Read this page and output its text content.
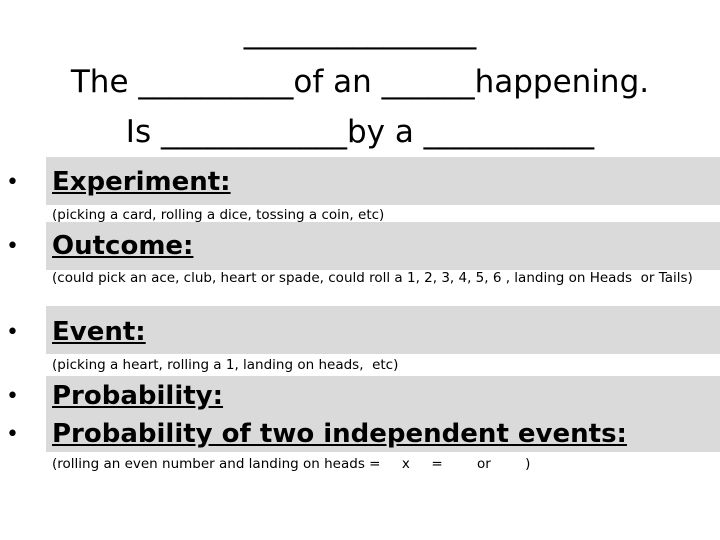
_______________
The __________of an ______happening.
Is ____________by a ___________
• Experiment:
(picking a card, rolling a dice, tossing a coin, etc)
• Outcome:
(could pick an ace, club, heart or spade, could roll a 1, 2, 3, 4, 5, 6 , landing on Heads  or Tails)
• Event:
(picking a heart, rolling a 1, landing on heads,  etc)
• Probability:
• Probability of two independent events:
(rolling an even number and landing on heads =     x     =        or        )
